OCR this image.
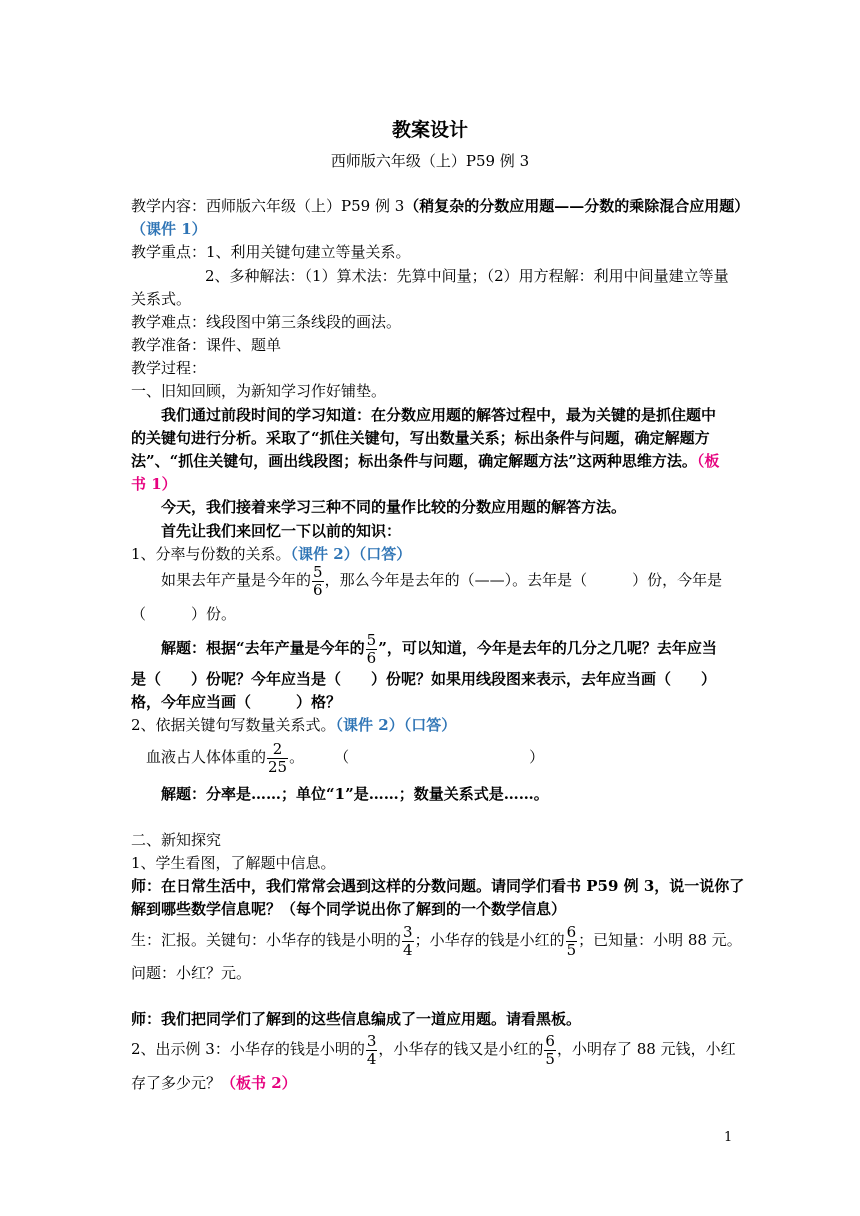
教案设计
西师版六年级（上）P59 例 3
教学内容：西师版六年级（上）P59 例 3（稍复杂的分数应用题——分数的乘除混合应用题）
（课件 1）
教学重点：1、利用关键句建立等量关系。
2、多种解法：（1）算术法：先算中间量；（2）用方程解：利用中间量建立等量
关系式。
教学难点：线段图中第三条线段的画法。
教学准备：课件、题单
教学过程：
一、旧知回顾，为新知学习作好铺垫。
我们通过前段时间的学习知道：在分数应用题的解答过程中，最为关键的是抓住题中
的关键句进行分析。采取了“抓住关键句，写出数量关系；标出条件与问题，确定解题方
法”、“抓住关键句，画出线段图；标出条件与问题，确定解题方法”这两种思维方法。（板
书 1）
今天，我们接着来学习三种不同的量作比较的分数应用题的解答方法。
首先让我们来回忆一下以前的知识：
1、分率与份数的关系。（课件 2）（口答）
如果去年产量是今年的 $\frac{5}{6}$ ，那么今年是去年的（——）。去年是（　　　）份，今年是
（　　　）份。
解题：根据“去年产量是今年的 $\frac{5}{6}$ ”，可以知道，今年是去年的几分之几呢？去年应当
是（　　）份呢？今年应当是（　　）份呢？如果用线段图来表示，去年应当画（　　）
格，今年应当画（　　　）格？
2、依据关键句写数量关系式。（课件 2）（口答）
血液占人体体重的 $\frac{2}{25}$ 。　　　（　　　　　　　　　　　　）
解题：分率是……；单位“1”是……；数量关系式是……。
二、新知探究
1、学生看图，了解题中信息。
师：在日常生活中，我们常常会遇到这样的分数问题。请同学们看书 P59 例 3，说一说你了
解到哪些数学信息呢？（每个同学说出你了解到的一个数学信息）
生：汇报。关键句：小华存的钱是小明的 $\frac{3}{4}$ ；小华存的钱是小红的 $\frac{6}{5}$ ；已知量：小明 88 元。
问题：小红？元。
师：我们把同学们了解到的这些信息编成了一道应用题。请看黑板。
2、出示例 3：小华存的钱是小明的 $\frac{3}{4}$ ，小华存的钱又是小红的 $\frac{6}{5}$ ，小明存了 88 元钱，小红
存了多少元？（板书 2）
1
